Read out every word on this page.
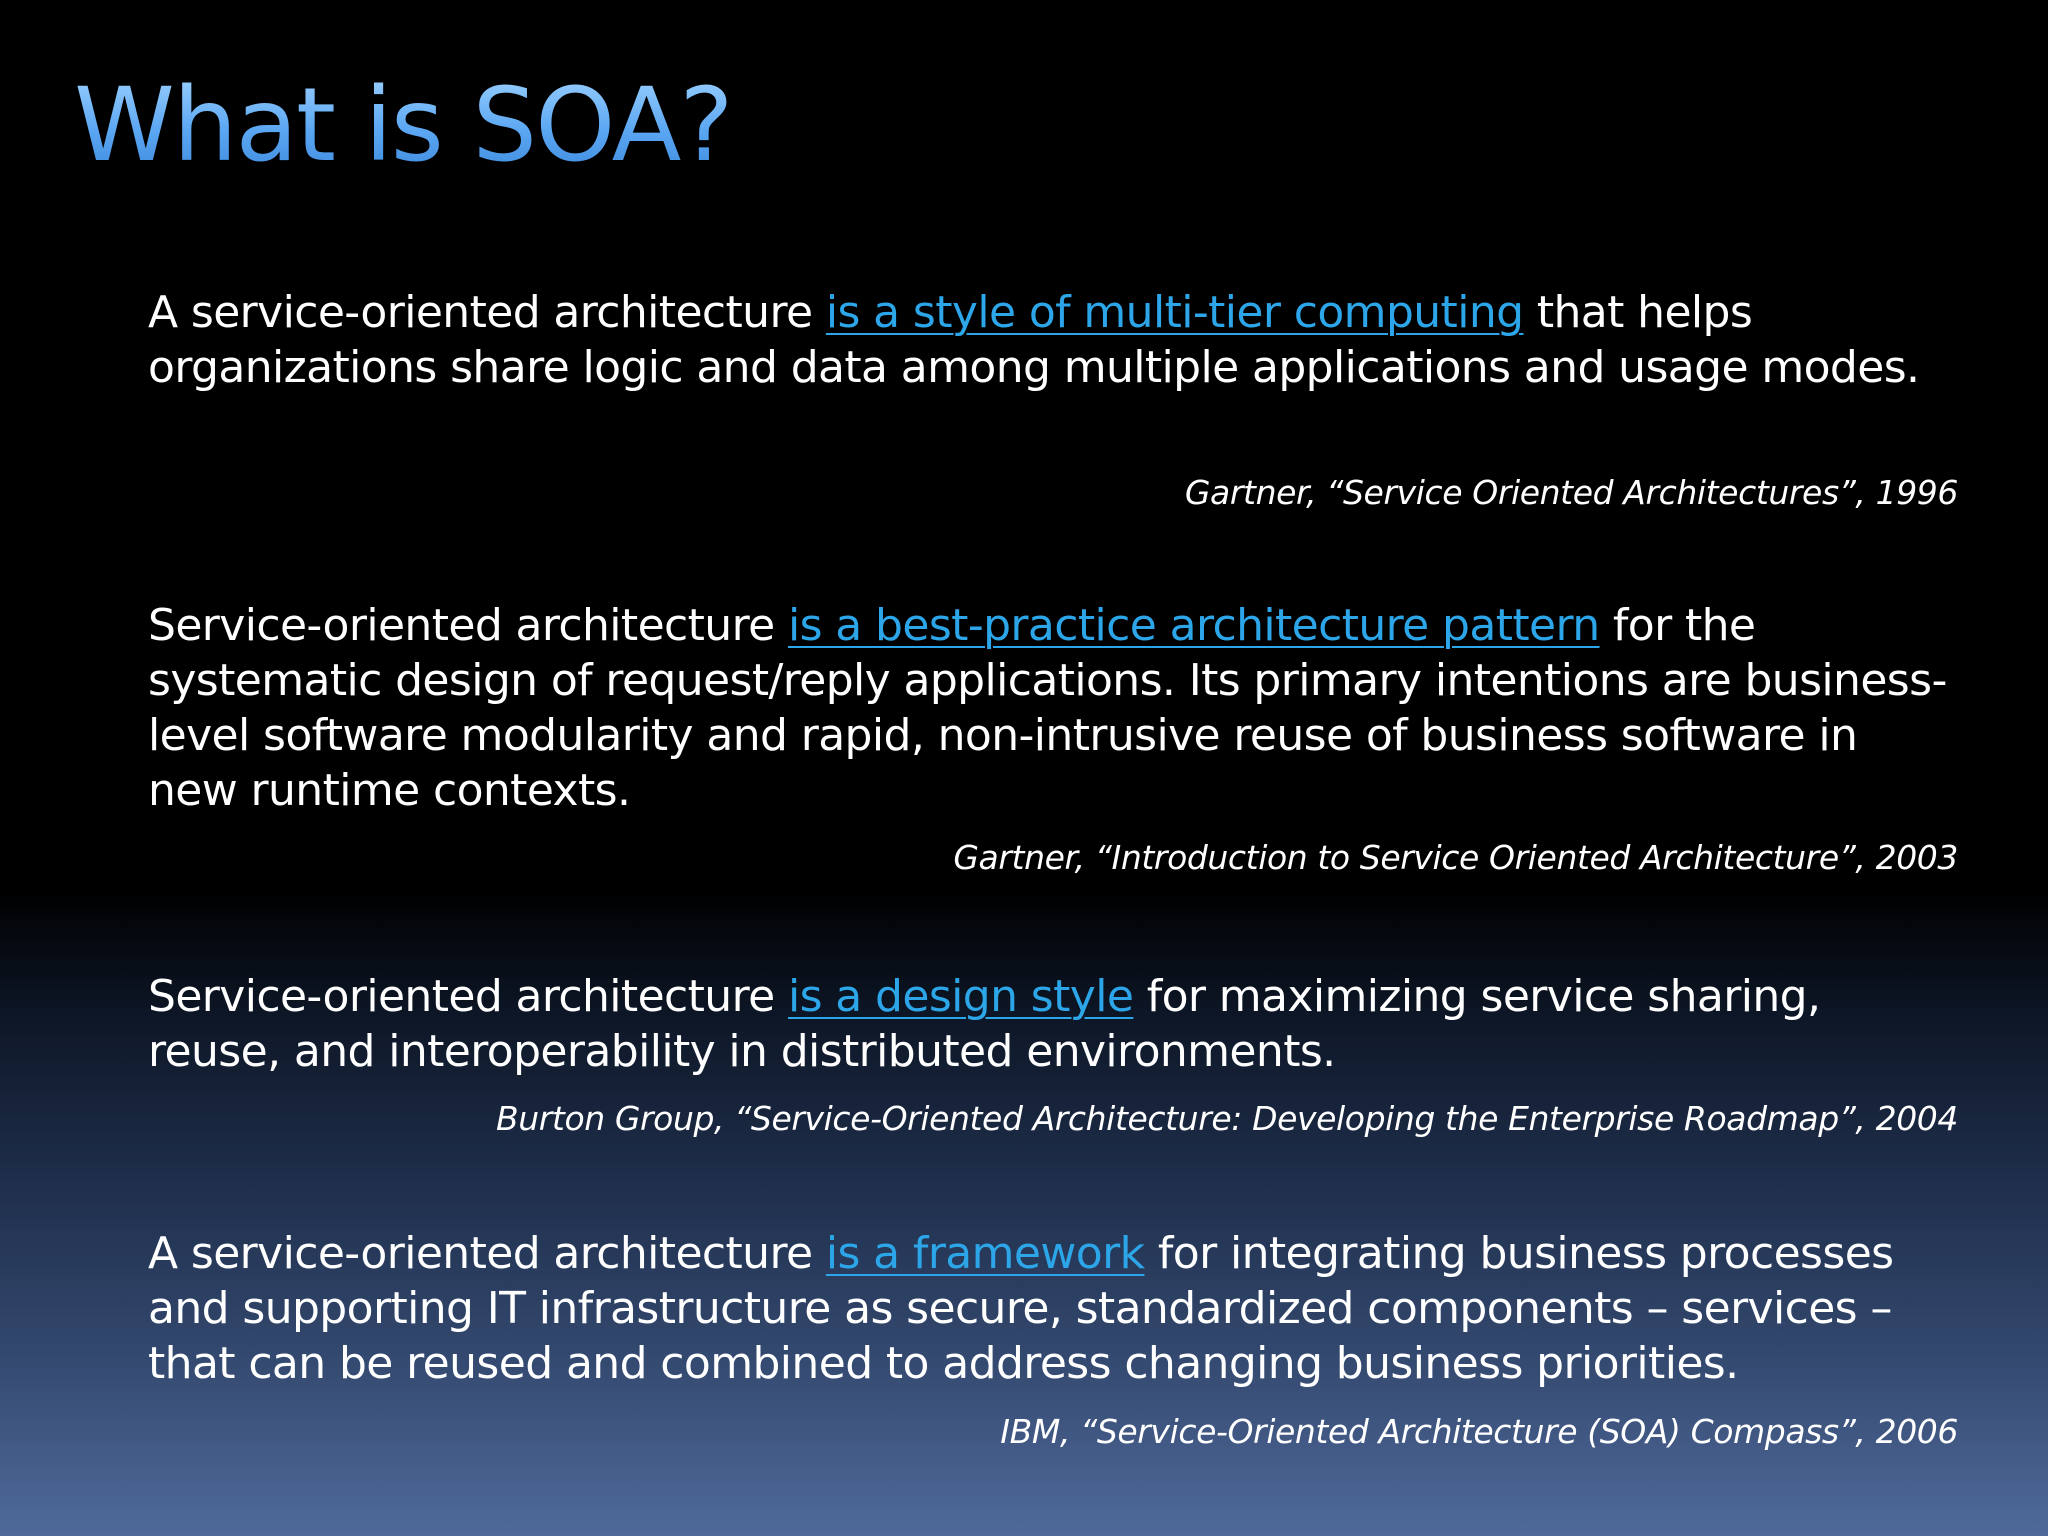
What is SOA?

A service-oriented architecture is a style of multi-tier computing that helps organizations share logic and data among multiple applications and usage modes.

Gartner, “Service Oriented Architectures”, 1996

Service-oriented architecture is a best-practice architecture pattern for the systematic design of request/reply applications. Its primary intentions are business-level software modularity and rapid, non-intrusive reuse of business software in new runtime contexts.

Gartner, “Introduction to Service Oriented Architecture”, 2003

Service-oriented architecture is a design style for maximizing service sharing, reuse, and interoperability in distributed environments.

Burton Group, “Service-Oriented Architecture: Developing the Enterprise Roadmap”, 2004

A service-oriented architecture is a framework for integrating business processes and supporting IT infrastructure as secure, standardized components – services – that can be reused and combined to address changing business priorities.

IBM, “Service-Oriented Architecture (SOA) Compass”, 2006
